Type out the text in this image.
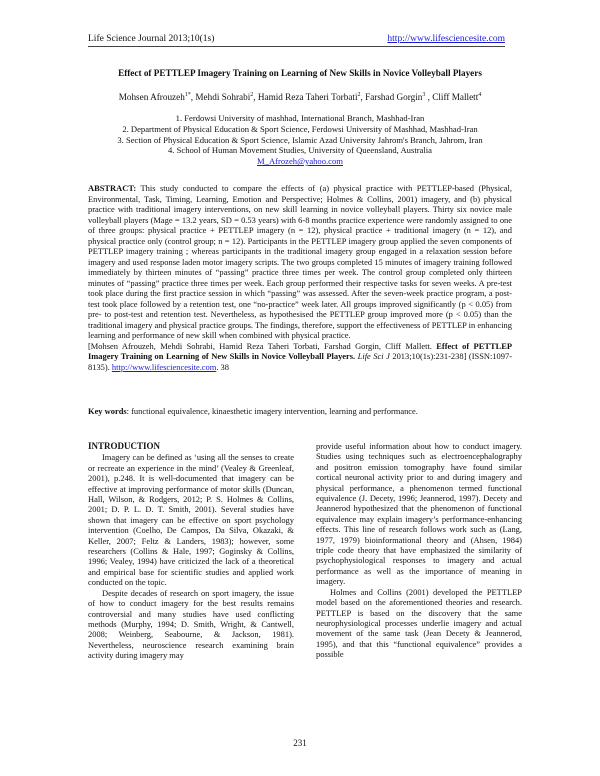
Life Science Journal 2013;10(1s)	http://www.lifesciencesite.com
Effect of PETTLEP Imagery Training on Learning of New Skills in Novice Volleyball Players
Mohsen Afrouzeh$^{1*}$, Mehdi Sohrabi$^2$, Hamid Reza Taheri Torbati$^2$, Farshad Gorgin$^3$ , Cliff Mallett$^4$
1. Ferdowsi University of mashhad, International Branch, Mashhad-Iran
2. Department of Physical Education & Sport Science, Ferdowsi University of Mashhad, Mashhad-Iran
3. Section of Physical Education & Sport Science, Islamic Azad University Jahrom's Branch, Jahrom, Iran
4. School of Human Movement Studies, University of Queensland, Australia
M_Afrozeh@yahoo.com
ABSTRACT: This study conducted to compare the effects of (a) physical practice with PETTLEP-based (Physical, Environmental, Task, Timing, Learning, Emotion and Perspective; Holmes & Collins, 2001) imagery, and (b) physical practice with traditional imagery interventions, on new skill learning in novice volleyball players. Thirty six novice male volleyball players (Mage = 13.2 years, SD = 0.53 years) with 6-8 months practice experience were randomly assigned to one of three groups: physical practice + PETTLEP imagery (n = 12), physical practice + traditional imagery (n = 12), and physical practice only (control group; n = 12). Participants in the PETTLEP imagery group applied the seven components of PETTLEP imagery training ; whereas participants in the traditional imagery group engaged in a relaxation session before imagery and used response laden motor imagery scripts. The two groups completed 15 minutes of imagery training followed immediately by thirteen minutes of “passing” practice three times per week. The control group completed only thirteen minutes of “passing” practice three times per week. Each group performed their respective tasks for seven weeks. A pre-test took place during the first practice session in which “passing” was assessed. After the seven-week practice program, a post-test took place followed by a retention test, one “no-practice” week later. All groups improved significantly (p < 0.05) from pre- to post-test and retention test. Nevertheless, as hypothesised the PETTLEP group improved more (p < 0.05) than the traditional imagery and physical practice groups. The findings, therefore, support the effectiveness of PETTLEP in enhancing learning and performance of new skill when combined with physical practice.
[Mohsen Afrouzeh, Mehdi Sohrabi, Hamid Reza Taheri Torbati, Farshad Gorgin, Cliff Mallett. Effect of PETTLEP Imagery Training on Learning of New Skills in Novice Volleyball Players. Life Sci J 2013;10(1s):231-238] (ISSN:1097-8135). http://www.lifesciencesite.com. 38
Key words: functional equivalence, kinaesthetic imagery intervention, learning and performance.
INTRODUCTION

Imagery can be defined as ‘using all the senses to create or recreate an experience in the mind’ (Vealey & Greenleaf, 2001), p.248. It is well-documented that imagery can be effective at improving performance of motor skills (Duncan, Hall, Wilson, & Rodgers, 2012; P. S. Holmes & Collins, 2001; D. P. L. D. T. Smith, 2001). Several studies have shown that imagery can be effective on sport psychology intervention (Coelho, De Campos, Da Silva, Okazaki, & Keller, 2007; Feltz & Landers, 1983); however, some researchers (Collins & Hale, 1997; Goginsky & Collins, 1996; Vealey, 1994) have criticized the lack of a theoretical and empirical base for scientific studies and applied work conducted on the topic.

Despite decades of research on sport imagery, the issue of how to conduct imagery for the best results remains controversial and many studies have used conflicting methods (Murphy, 1994; D. Smith, Wright, & Cantwell, 2008; Weinberg, Seabourne, & Jackson, 1981). Nevertheless, neuroscience research examining brain activity during imagery may

provide useful information about how to conduct imagery. Studies using techniques such as electroencephalography and positron emission tomography have found similar cortical neuronal activity prior to and during imagery and physical performance, a phenomenon termed functional equivalence (J. Decety, 1996; Jeannerod, 1997). Decety and Jeannerod hypothesized that the phenomenon of functional equivalence may explain imagery’s performance-enhancing effects. This line of research follows work such as (Lang, 1977, 1979) bioinformational theory and (Ahsen, 1984) triple code theory that have emphasized the similarity of psychophysiological responses to imagery and actual performance as well as the importance of meaning in imagery.

Holmes and Collins (2001) developed the PETTLEP model based on the aforementioned theories and research. PETTLEP is based on the discovery that the same neurophysiological processes underlie imagery and actual movement of the same task (Jean Decety & Jeannerod, 1995), and that this “functional equivalence” provides a possible

231
